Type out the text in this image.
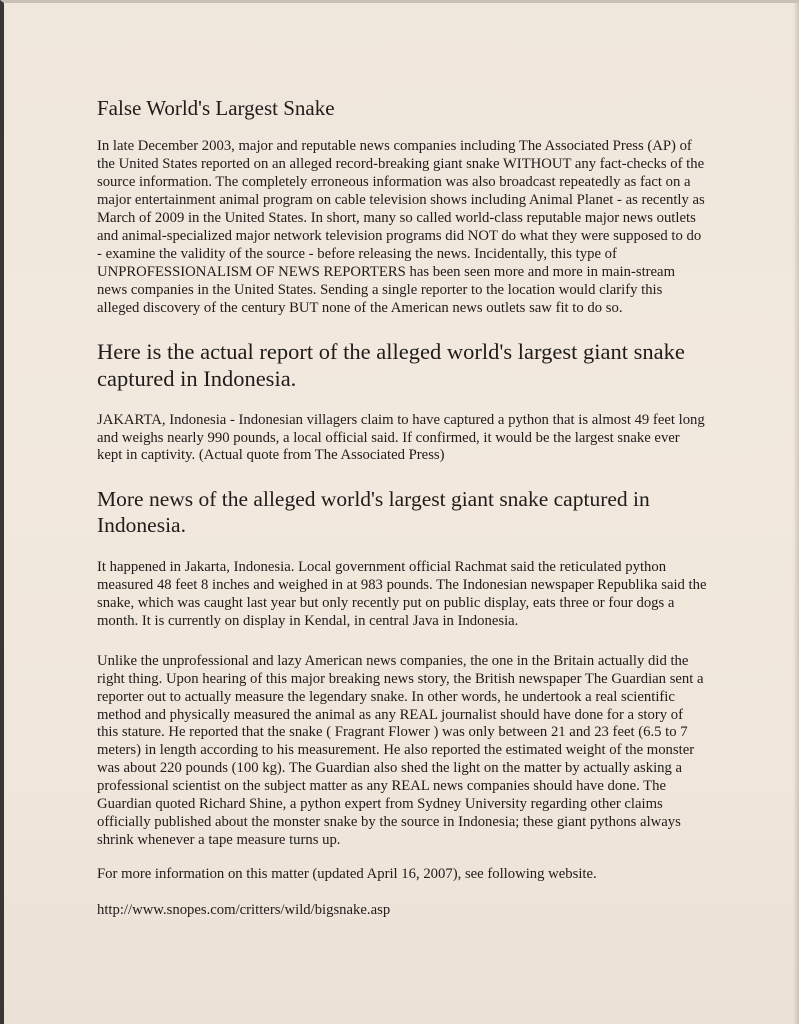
False World's Largest Snake

In late December 2003, major and reputable news companies including The Associated Press (AP) of the United States reported on an alleged record-breaking giant snake WITHOUT any fact-checks of the source information. The completely erroneous information was also broadcast repeatedly as fact on a major entertainment animal program on cable television shows including Animal Planet - as recently as March of 2009 in the United States. In short, many so called world-class reputable major news outlets and animal-specialized major network television programs did NOT do what they were supposed to do - examine the validity of the source - before releasing the news. Incidentally, this type of UNPROFESSIONALISM OF NEWS REPORTERS has been seen more and more in main-stream news companies in the United States. Sending a single reporter to the location would clarify this alleged discovery of the century BUT none of the American news outlets saw fit to do so.

Here is the actual report of the alleged world's largest giant snake captured in Indonesia.

JAKARTA, Indonesia - Indonesian villagers claim to have captured a python that is almost 49 feet long and weighs nearly 990 pounds, a local official said. If confirmed, it would be the largest snake ever kept in captivity. (Actual quote from The Associated Press)

More news of the alleged world's largest giant snake captured in Indonesia.

It happened in Jakarta, Indonesia. Local government official Rachmat said the reticulated python measured 48 feet 8 inches and weighed in at 983 pounds. The Indonesian newspaper Republika said the snake, which was caught last year but only recently put on public display, eats three or four dogs a month. It is currently on display in Kendal, in central Java in Indonesia.

Unlike the unprofessional and lazy American news companies, the one in the Britain actually did the right thing. Upon hearing of this major breaking news story, the British newspaper The Guardian sent a reporter out to actually measure the legendary snake. In other words, he undertook a real scientific method and physically measured the animal as any REAL journalist should have done for a story of this stature. He reported that the snake ( Fragrant Flower ) was only between 21 and 23 feet (6.5 to 7 meters) in length according to his measurement. He also reported the estimated weight of the monster was about 220 pounds (100 kg). The Guardian also shed the light on the matter by actually asking a professional scientist on the subject matter as any REAL news companies should have done. The Guardian quoted Richard Shine, a python expert from Sydney University regarding other claims officially published about the monster snake by the source in Indonesia; these giant pythons always shrink whenever a tape measure turns up.

For more information on this matter (updated April 16, 2007), see following website.

http://www.snopes.com/critters/wild/bigsnake.asp
